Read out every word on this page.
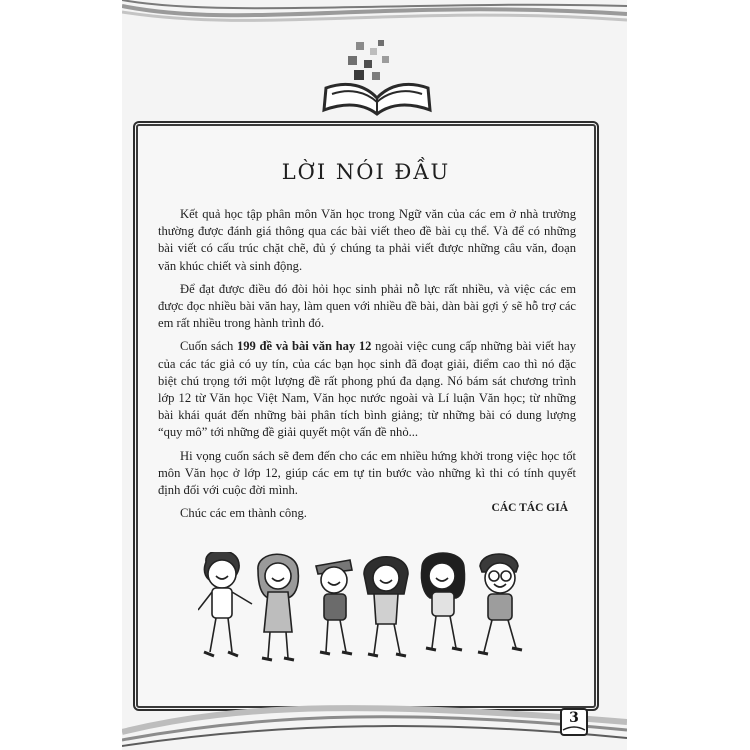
LỜI NÓI ĐẦU

Kết quả học tập phân môn Văn học trong Ngữ văn của các em ở nhà trường thường được đánh giá thông qua các bài viết theo đề bài cụ thể. Và để có những bài viết có cấu trúc chặt chẽ, đủ ý chúng ta phải viết được những câu văn, đoạn văn khúc chiết và sinh động.

Để đạt được điều đó đòi hỏi học sinh phải nỗ lực rất nhiều, và việc các em được đọc nhiều bài văn hay, làm quen với nhiều đề bài, dàn bài gợi ý sẽ hỗ trợ các em rất nhiều trong hành trình đó.

Cuốn sách 199 đề và bài văn hay 12 ngoài việc cung cấp những bài viết hay của các tác giả có uy tín, của các bạn học sinh đã đoạt giải, điểm cao thì nó đặc biệt chú trọng tới một lượng đề rất phong phú đa dạng. Nó bám sát chương trình lớp 12 từ Văn học Việt Nam, Văn học nước ngoài và Lí luận Văn học; từ những bài khái quát đến những bài phân tích bình giảng; từ những bài có dung lượng “quy mô” tới những đề giải quyết một vấn đề nhỏ...

Hi vọng cuốn sách sẽ đem đến cho các em nhiều hứng khởi trong việc học tốt môn Văn học ở lớp 12, giúp các em tự tin bước vào những kì thi có tính quyết định đối với cuộc đời mình.

Chúc các em thành công.	CÁC TÁC GIẢ
3
